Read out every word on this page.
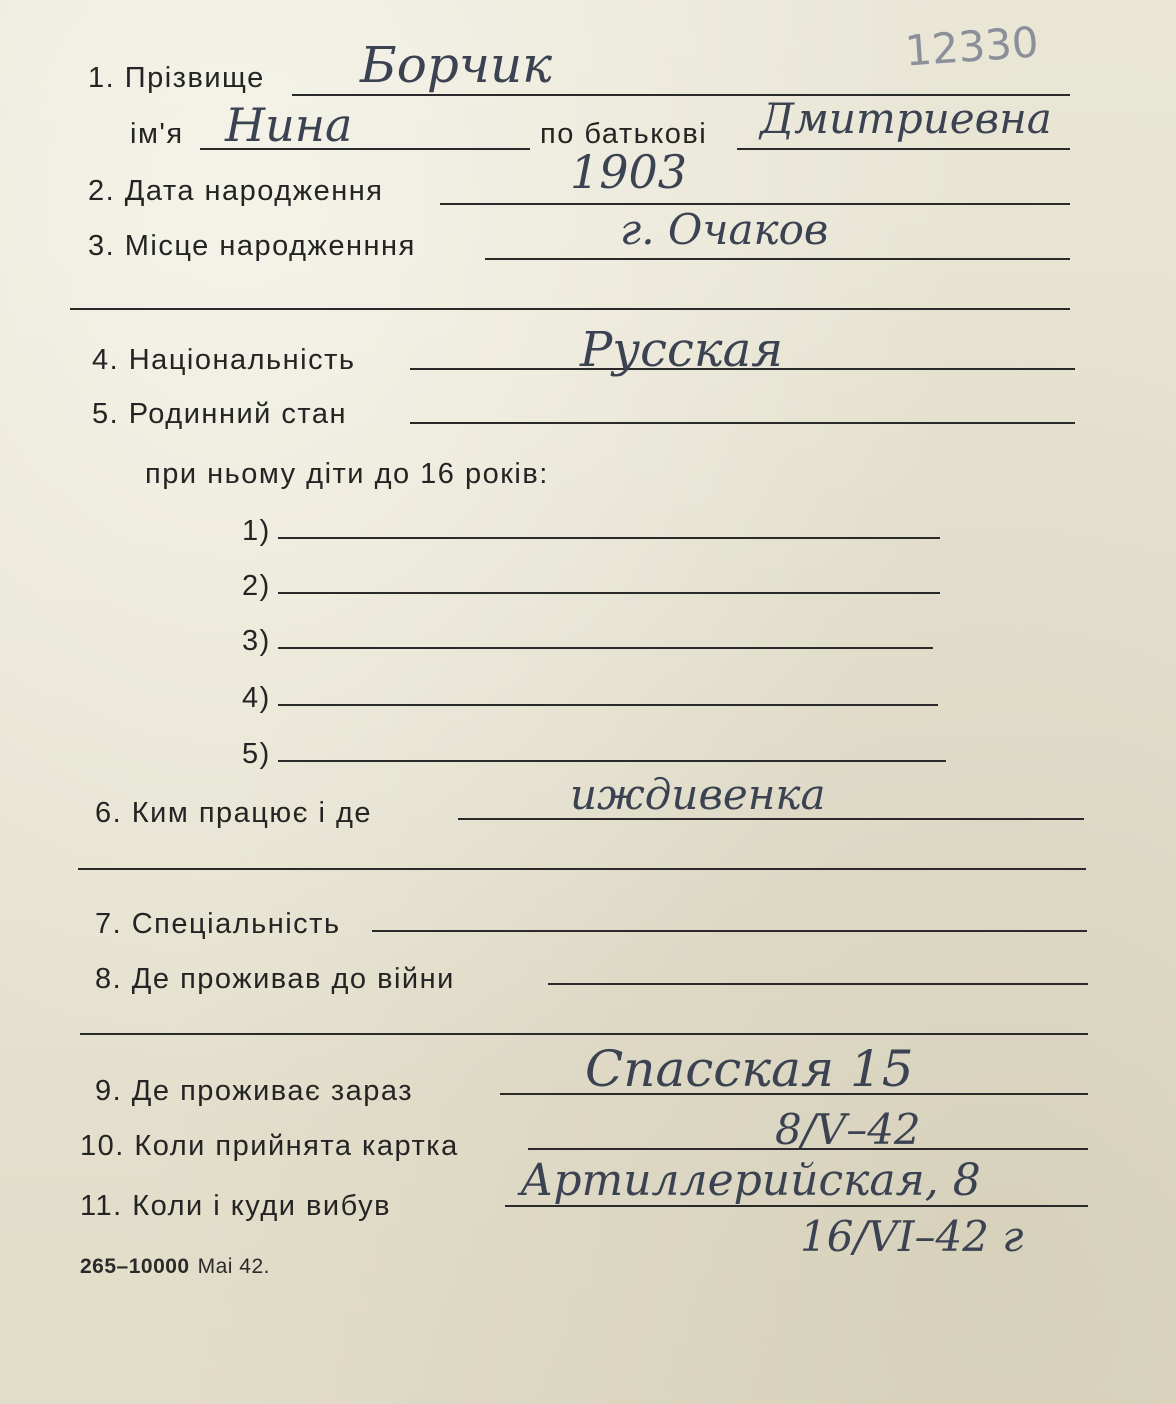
12330
1. Прізвище Борчик
ім'я Нина	по батькові Дмитриевна
2. Дата народження	1903
3. Місце народженння	г. Очаков
4. Національність	Русская
5. Родинний стан
при ньому діти до 16 років:
1)
2)
3)
4)
5)
6. Ким працює і де	иждивенка
7. Спеціальність
8. Де проживав до війни
9. Де проживає зараз	Спасская 15
10. Коли прийнята картка	8/V–42
11. Коли і куди вибув	Артиллерийская, 8
16/VI–42 г
265–10000 Mai 42.
